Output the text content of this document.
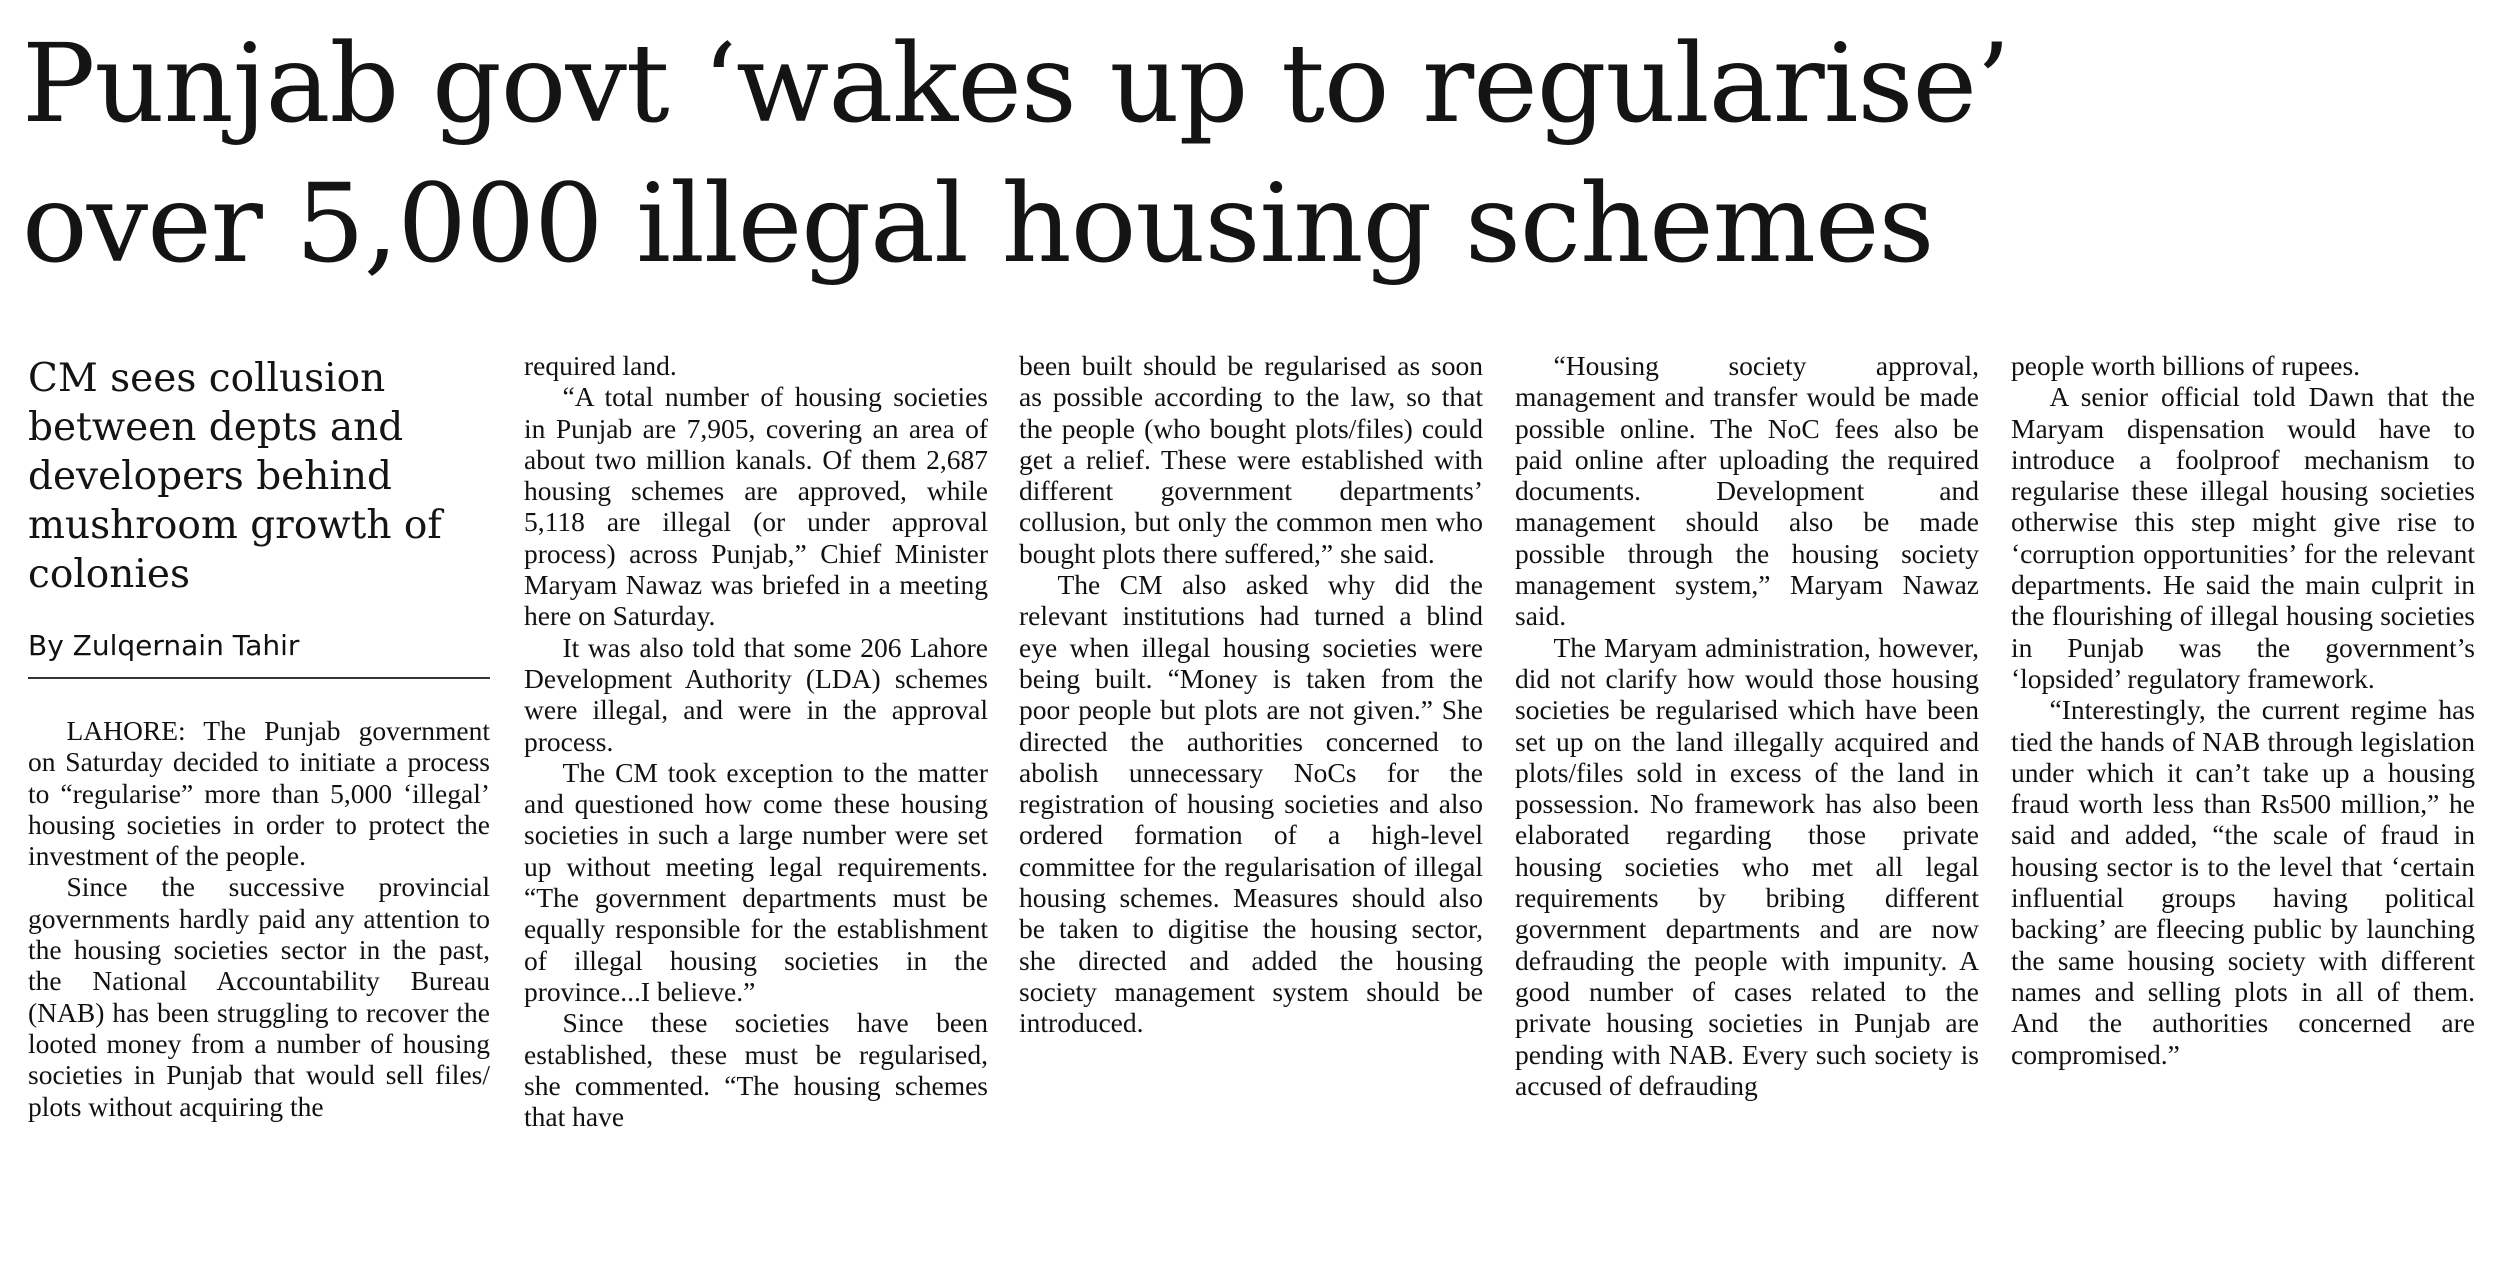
Punjab govt ‘wakes up to regularise’
over 5,000 illegal housing schemes
CM sees collusion between depts and developers behind mushroom growth of colonies
By Zulqernain Tahir

LAHORE: The Punjab government on Saturday decided to initiate a process to “regularise” more than 5,000 ‘illegal’ housing societies in order to protect the investment of the people.

Since the successive provincial governments hardly paid any attention to the housing societies sector in the past, the National Accountability Bureau (NAB) has been struggling to recover the looted money from a number of housing societies in Punjab that would sell files/ plots without acquiring the

required land.

“A total number of housing societies in Punjab are 7,905, covering an area of about two million kanals. Of them 2,687 housing schemes are approved, while 5,118 are illegal (or under approval process) across Punjab,” Chief Minister Maryam Nawaz was briefed in a meeting here on Saturday.

It was also told that some 206 Lahore Development Authority (LDA) schemes were illegal, and were in the approval process.

The CM took exception to the matter and questioned how come these housing societies in such a large number were set up without meeting legal requirements. “The government departments must be equally responsible for the establishment of illegal housing societies in the province...I believe.”

Since these societies have been established, these must be regularised, she commented. “The housing schemes that have

been built should be regularised as soon as possible according to the law, so that the people (who bought plots/files) could get a relief. These were established with different government departments’ collusion, but only the common men who bought plots there suffered,” she said.

The CM also asked why did the relevant institutions had turned a blind eye when illegal housing societies were being built. “Money is taken from the poor people but plots are not given.” She directed the authorities concerned to abolish unnecessary NoCs for the registration of housing societies and also ordered formation of a high-level committee for the regularisation of illegal housing schemes. Measures should also be taken to digitise the housing sector, she directed and added the housing society management system should be introduced.

“Housing society approval, management and transfer would be made possible online. The NoC fees also be paid online after uploading the required documents. Development and management should also be made possible through the housing society management system,” Maryam Nawaz said.

The Maryam administration, however, did not clarify how would those housing societies be regularised which have been set up on the land illegally acquired and plots/files sold in excess of the land in possession. No framework has also been elaborated regarding those private housing societies who met all legal requirements by bribing different government departments and are now defrauding the people with impunity. A good number of cases related to the private housing societies in Punjab are pending with NAB. Every such society is accused of defrauding

people worth billions of rupees.

A senior official told Dawn that the Maryam dispensation would have to introduce a foolproof mechanism to regularise these illegal housing societies otherwise this step might give rise to ‘corruption opportunities’ for the relevant departments. He said the main culprit in the flourishing of illegal housing societies in Punjab was the government’s ‘lopsided’ regulatory framework.

“Interestingly, the current regime has tied the hands of NAB through legislation under which it can’t take up a housing fraud worth less than Rs500 million,” he said and added, “the scale of fraud in housing sector is to the level that ‘certain influential groups having political backing’ are fleecing public by launching the same housing society with different names and selling plots in all of them. And the authorities concerned are compromised.”
